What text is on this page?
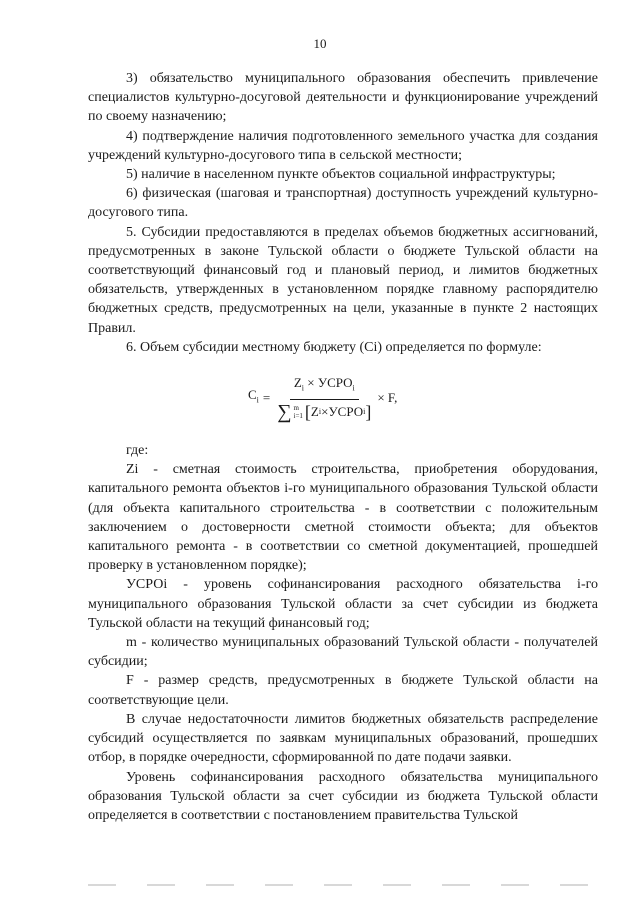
10

3) обязательство муниципального образования обеспечить привлечение специалистов культурно-досуговой деятельности и функционирование учреждений по своему назначению;

4) подтверждение наличия подготовленного земельного участка для создания учреждений культурно-досугового типа в сельской местности;

5) наличие в населенном пункте объектов социальной инфраструктуры;

6) физическая (шаговая и транспортная) доступность учреждений культурно-досугового типа.

5. Субсидии предоставляются в пределах объемов бюджетных ассигнований, предусмотренных в законе Тульской области о бюджете Тульской области на соответствующий финансовый год и плановый период, и лимитов бюджетных обязательств, утвержденных в установленном порядке главному распорядителю бюджетных средств, предусмотренных на цели, указанные в пункте 2 настоящих Правил.

6. Объем субсидии местному бюджету (Ci) определяется по формуле:

$C_i$ =
$Z_i$ × $УСРО_i$
∑ m
i=1 [ Z i × УСРО i ]
× F,

где:

Zi - сметная стоимость строительства, приобретения оборудования, капитального ремонта объектов i-го муниципального образования Тульской области (для объекта капитального строительства - в соответствии с положительным заключением о достоверности сметной стоимости объекта; для объектов капитального ремонта - в соответствии со сметной документацией, прошедшей проверку в установленном порядке);

УСРОi - уровень софинансирования расходного обязательства i-го муниципального образования Тульской области за счет субсидии из бюджета Тульской области на текущий финансовый год;

m - количество муниципальных образований Тульской области - получателей субсидии;

F - размер средств, предусмотренных в бюджете Тульской области на соответствующие цели.

В случае недостаточности лимитов бюджетных обязательств распределение субсидий осуществляется по заявкам муниципальных образований, прошедших отбор, в порядке очередности, сформированной по дате подачи заявки.

Уровень софинансирования расходного обязательства муниципального образования Тульской области за счет субсидии из бюджета Тульской области определяется в соответствии с постановлением правительства Тульской
